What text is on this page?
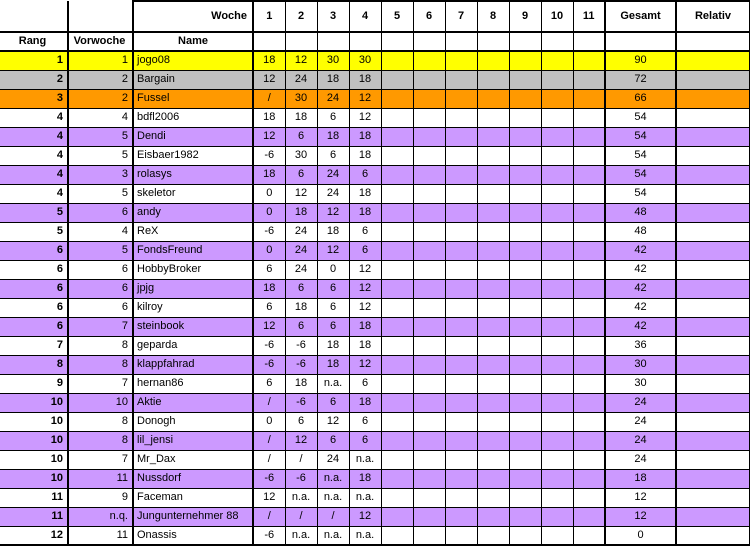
		Woche	1	2	3	4	5	6	7	8	9	10	11	Gesamt	Relativ
Rang	Vorwoche	Name													
1	1	jogo08	18	12	30	30								90	
2	2	Bargain	12	24	18	18								72	
3	2	Fussel	/	30	24	12								66	
4	4	bdfl2006	18	18	6	12								54	
4	5	Dendi	12	6	18	18								54	
4	5	Eisbaer1982	-6	30	6	18								54	
4	3	rolasys	18	6	24	6								54	
4	5	skeletor	0	12	24	18								54	
5	6	andy	0	18	12	18								48	
5	4	ReX	-6	24	18	6								48	
6	5	FondsFreund	0	24	12	6								42	
6	6	HobbyBroker	6	24	0	12								42	
6	6	jpjg	18	6	6	12								42	
6	6	kilroy	6	18	6	12								42	
6	7	steinbook	12	6	6	18								42	
7	8	geparda	-6	-6	18	18								36	
8	8	klappfahrad	-6	-6	18	12								30	
9	7	hernan86	6	18	n.a.	6								30	
10	10	Aktie	/	-6	6	18								24	
10	8	Donogh	0	6	12	6								24	
10	8	lil_jensi	/	12	6	6								24	
10	7	Mr_Dax	/	/	24	n.a.								24	
10	11	Nussdorf	-6	-6	n.a.	18								18	
11	9	Faceman	12	n.a.	n.a.	n.a.								12	
11	n.q.	Jungunternehmer 88	/	/	/	12								12	
12	11	Onassis	-6	n.a.	n.a.	n.a.								0	
